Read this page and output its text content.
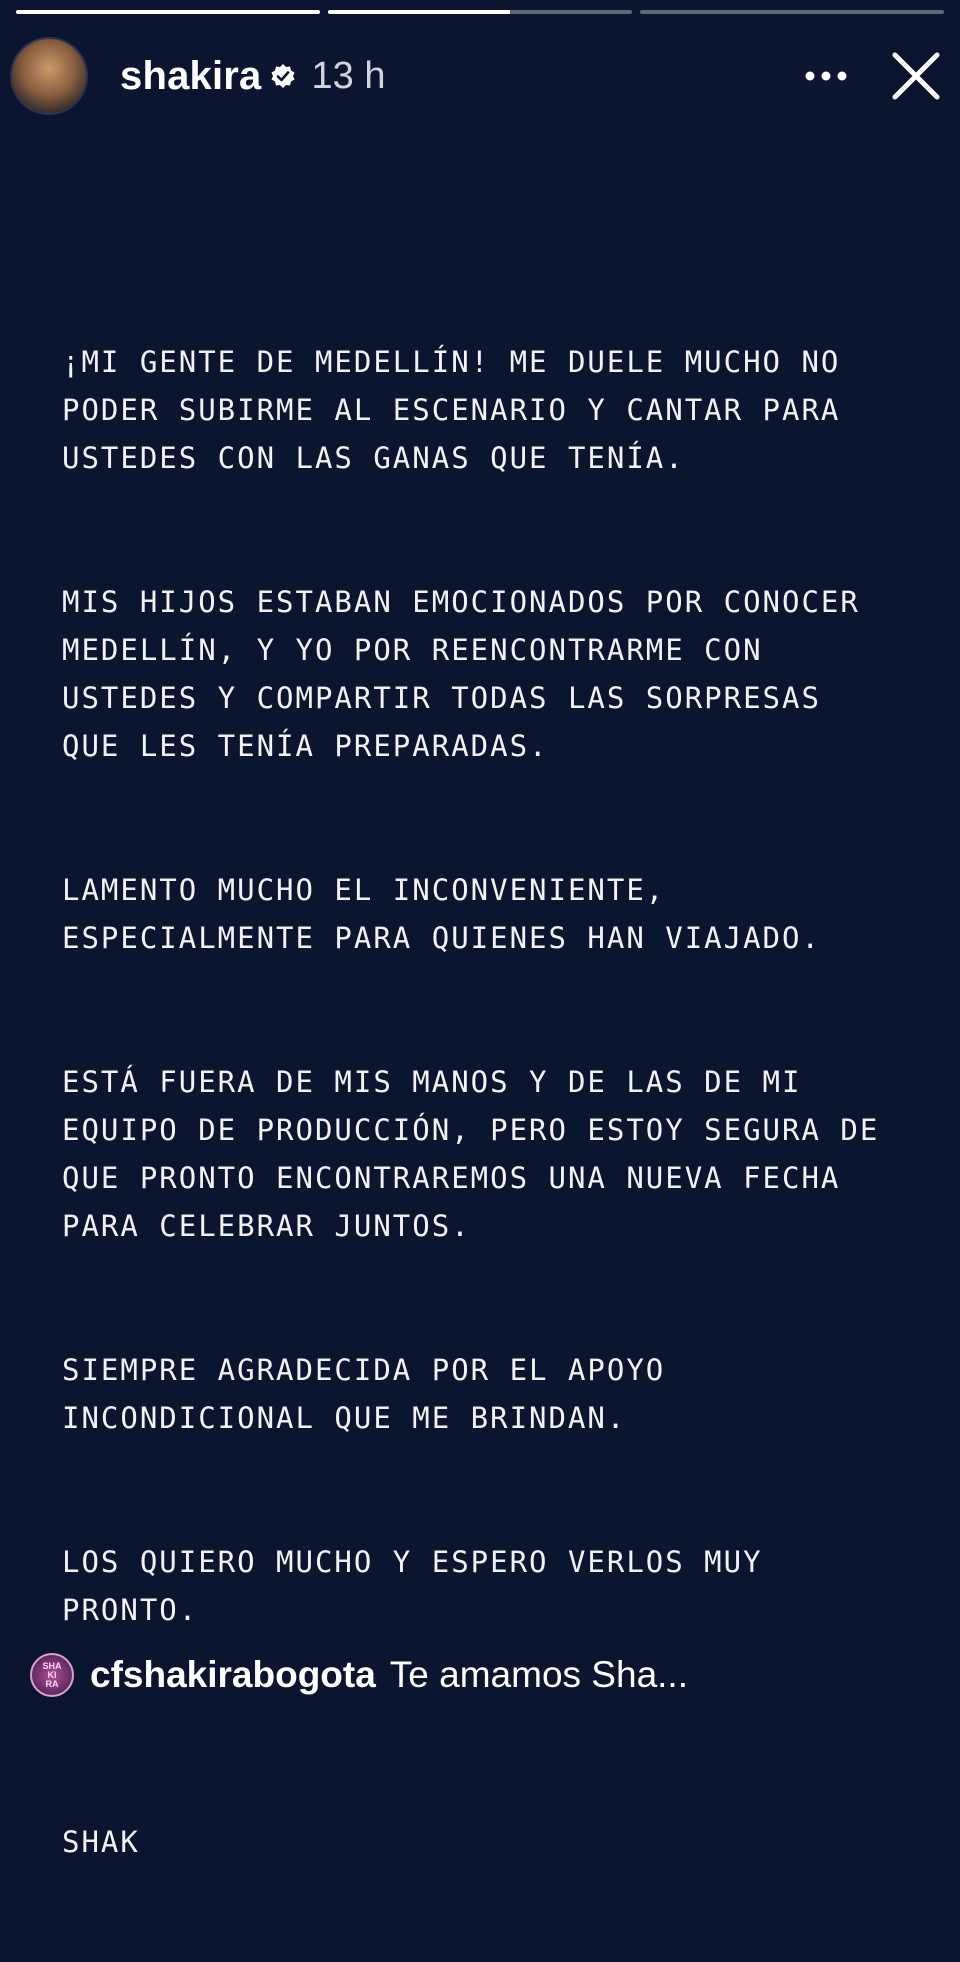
shakira 13 h

¡MI GENTE DE MEDELLÍN! ME DUELE MUCHO NO
PODER SUBIRME AL ESCENARIO Y CANTAR PARA
USTEDES CON LAS GANAS QUE TENÍA.

MIS HIJOS ESTABAN EMOCIONADOS POR CONOCER
MEDELLÍN, Y YO POR REENCONTRARME CON
USTEDES Y COMPARTIR TODAS LAS SORPRESAS
QUE LES TENÍA PREPARADAS.

LAMENTO MUCHO EL INCONVENIENTE,
ESPECIALMENTE PARA QUIENES HAN VIAJADO.

ESTÁ FUERA DE MIS MANOS Y DE LAS DE MI
EQUIPO DE PRODUCCIÓN, PERO ESTOY SEGURA DE
QUE PRONTO ENCONTRAREMOS UNA NUEVA FECHA
PARA CELEBRAR JUNTOS.

SIEMPRE AGRADECIDA POR EL APOYO
INCONDICIONAL QUE ME BRINDAN.

LOS QUIERO MUCHO Y ESPERO VERLOS MUY
PRONTO.

SHAK

SHA
KI
RA cfshakirabogota Te amamos Sha...
